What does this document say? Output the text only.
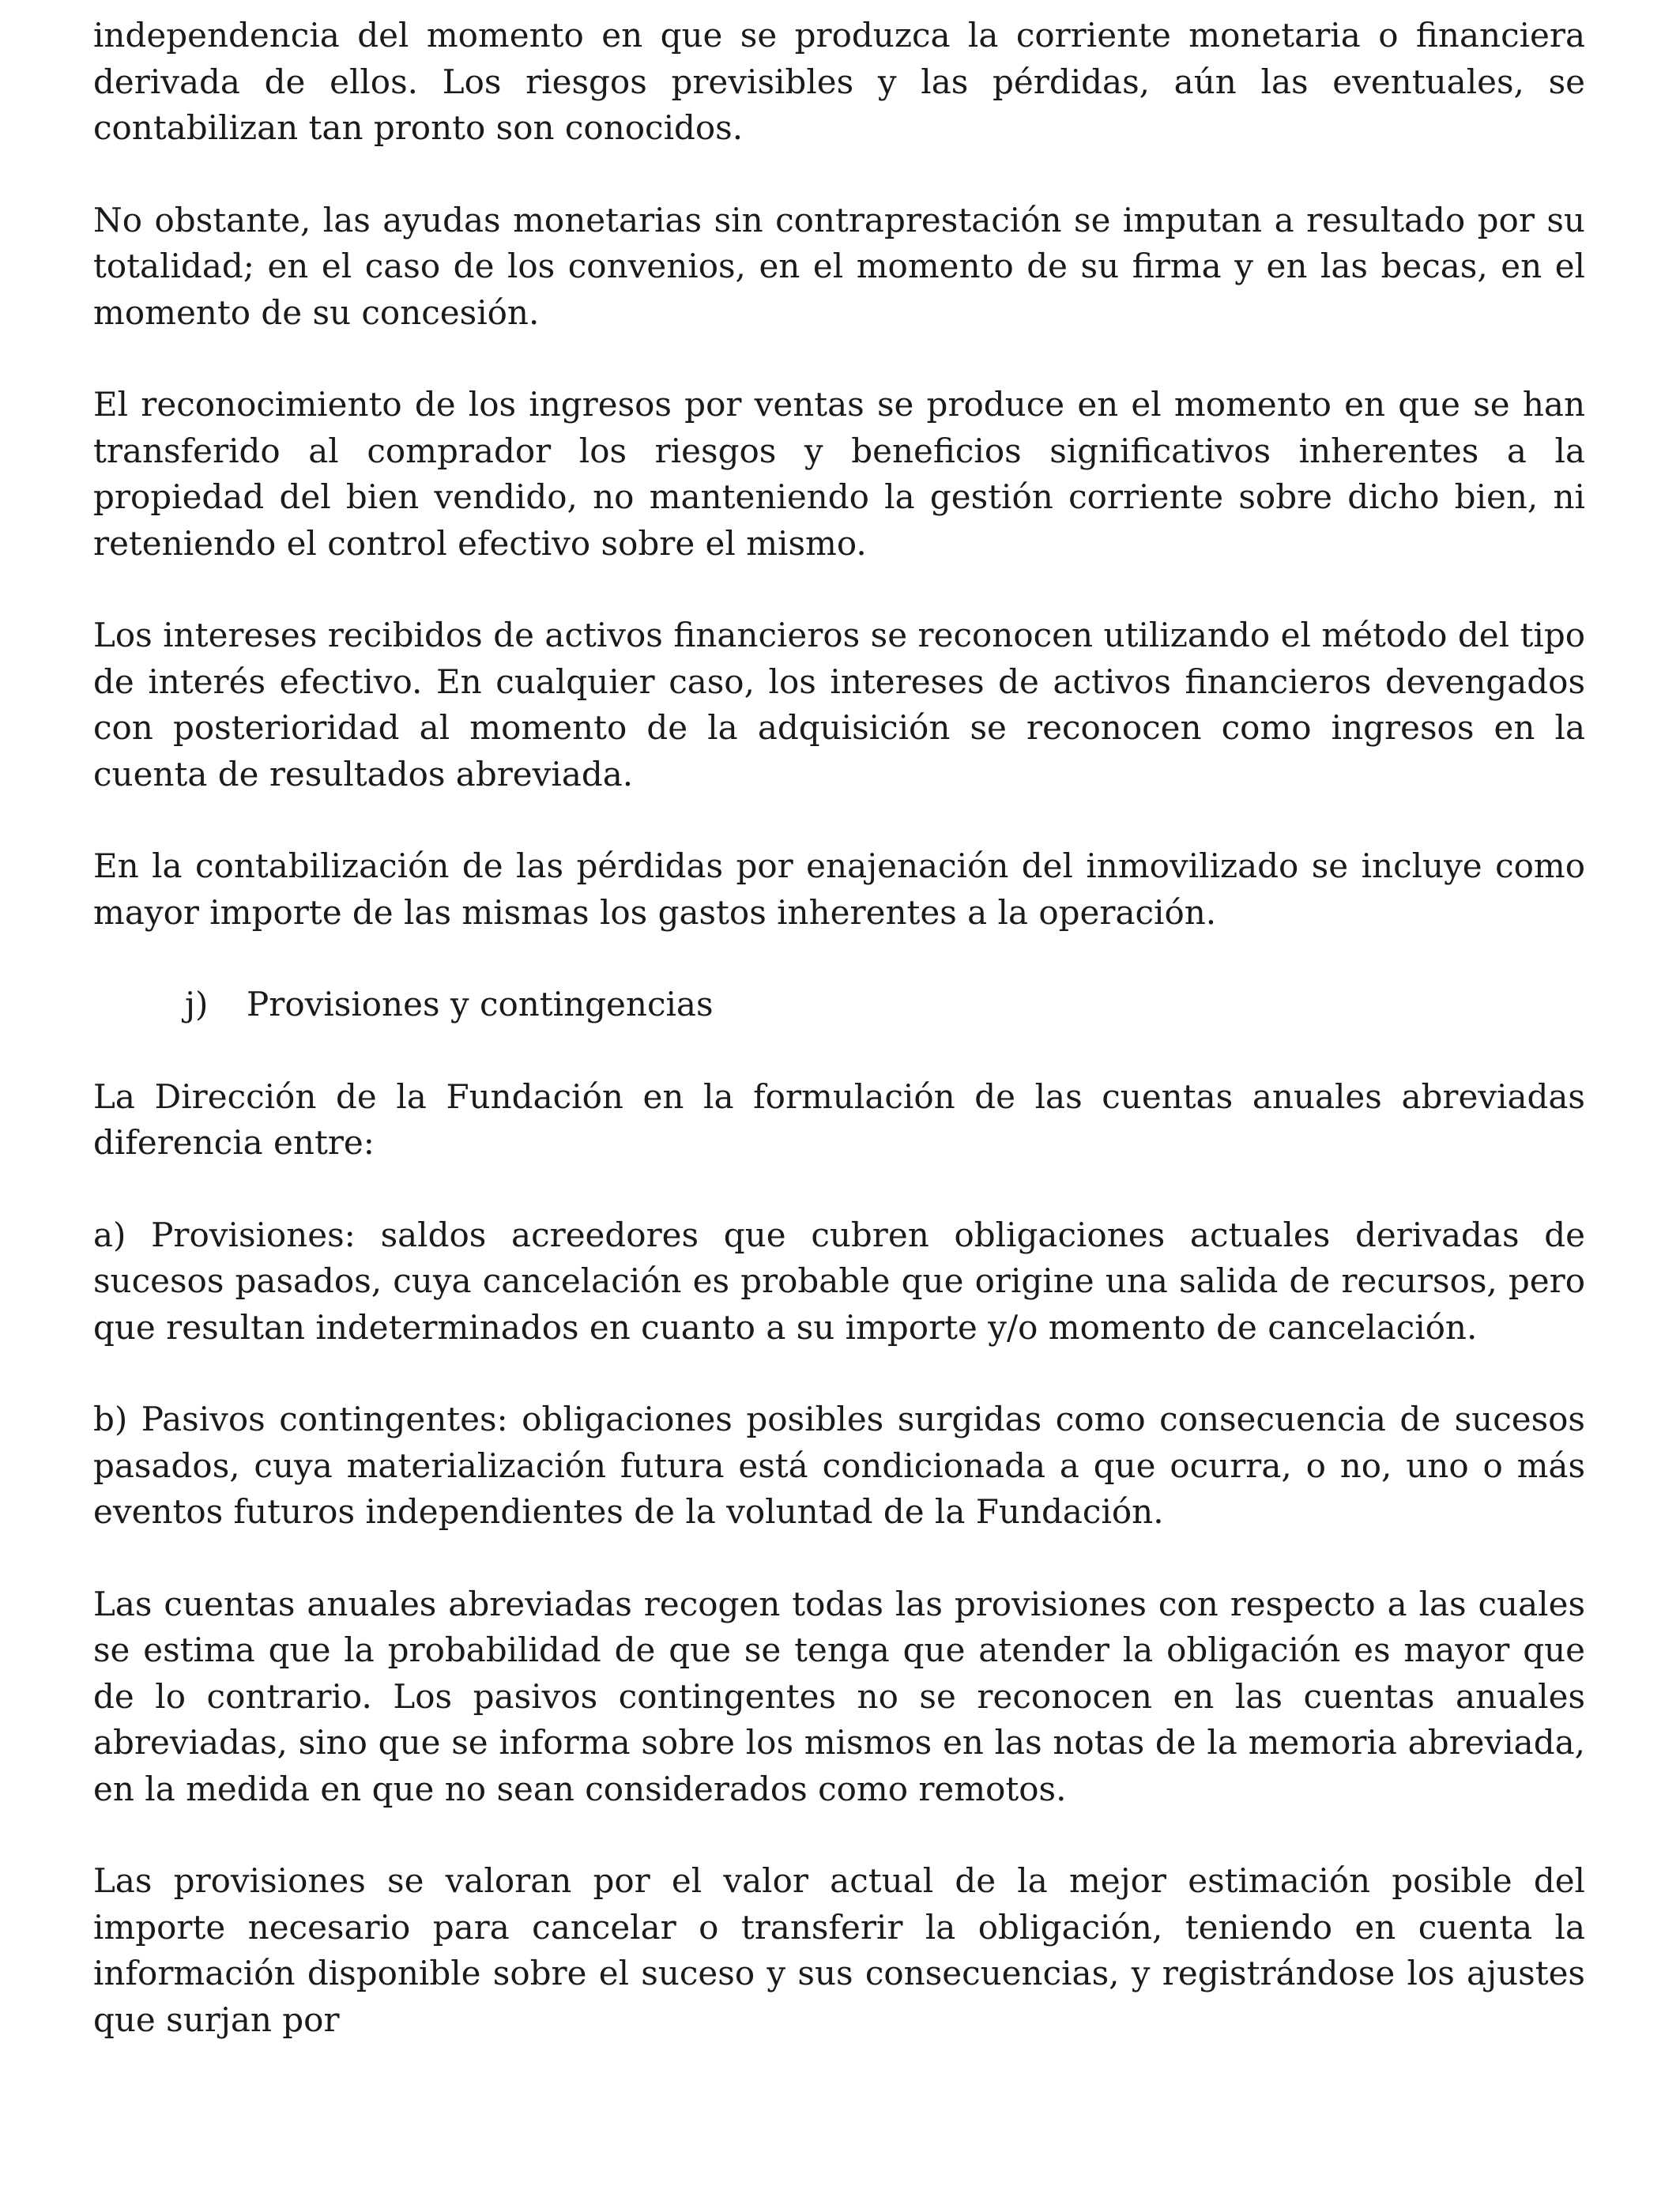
independencia del momento en que se produzca la corriente monetaria o financiera derivada de ellos. Los riesgos previsibles y las pérdidas, aún las eventuales, se contabilizan tan pronto son conocidos.

No obstante, las ayudas monetarias sin contraprestación se imputan a resultado por su totalidad; en el caso de los convenios, en el momento de su firma y en las becas, en el momento de su concesión.

El reconocimiento de los ingresos por ventas se produce en el momento en que se han transferido al comprador los riesgos y beneficios significativos inherentes a la propiedad del bien vendido, no manteniendo la gestión corriente sobre dicho bien, ni reteniendo el control efectivo sobre el mismo.

Los intereses recibidos de activos financieros se reconocen utilizando el método del tipo de interés efectivo. En cualquier caso, los intereses de activos financieros devengados con posterioridad al momento de la adquisición se reconocen como ingresos en la cuenta de resultados abreviada.

En la contabilización de las pérdidas por enajenación del inmovilizado se incluye como mayor importe de las mismas los gastos inherentes a la operación.

j) Provisiones y contingencias

La Dirección de la Fundación en la formulación de las cuentas anuales abreviadas diferencia entre:

a) Provisiones: saldos acreedores que cubren obligaciones actuales derivadas de sucesos pasados, cuya cancelación es probable que origine una salida de recursos, pero que resultan indeterminados en cuanto a su importe y/o momento de cancelación.

b) Pasivos contingentes: obligaciones posibles surgidas como consecuencia de sucesos pasados, cuya materialización futura está condicionada a que ocurra, o no, uno o más eventos futuros independientes de la voluntad de la Fundación.

Las cuentas anuales abreviadas recogen todas las provisiones con respecto a las cuales se estima que la probabilidad de que se tenga que atender la obligación es mayor que de lo contrario. Los pasivos contingentes no se reconocen en las cuentas anuales abreviadas, sino que se informa sobre los mismos en las notas de la memoria abreviada, en la medida en que no sean considerados como remotos.

Las provisiones se valoran por el valor actual de la mejor estimación posible del importe necesario para cancelar o transferir la obligación, teniendo en cuenta la información disponible sobre el suceso y sus consecuencias, y registrándose los ajustes que surjan por
